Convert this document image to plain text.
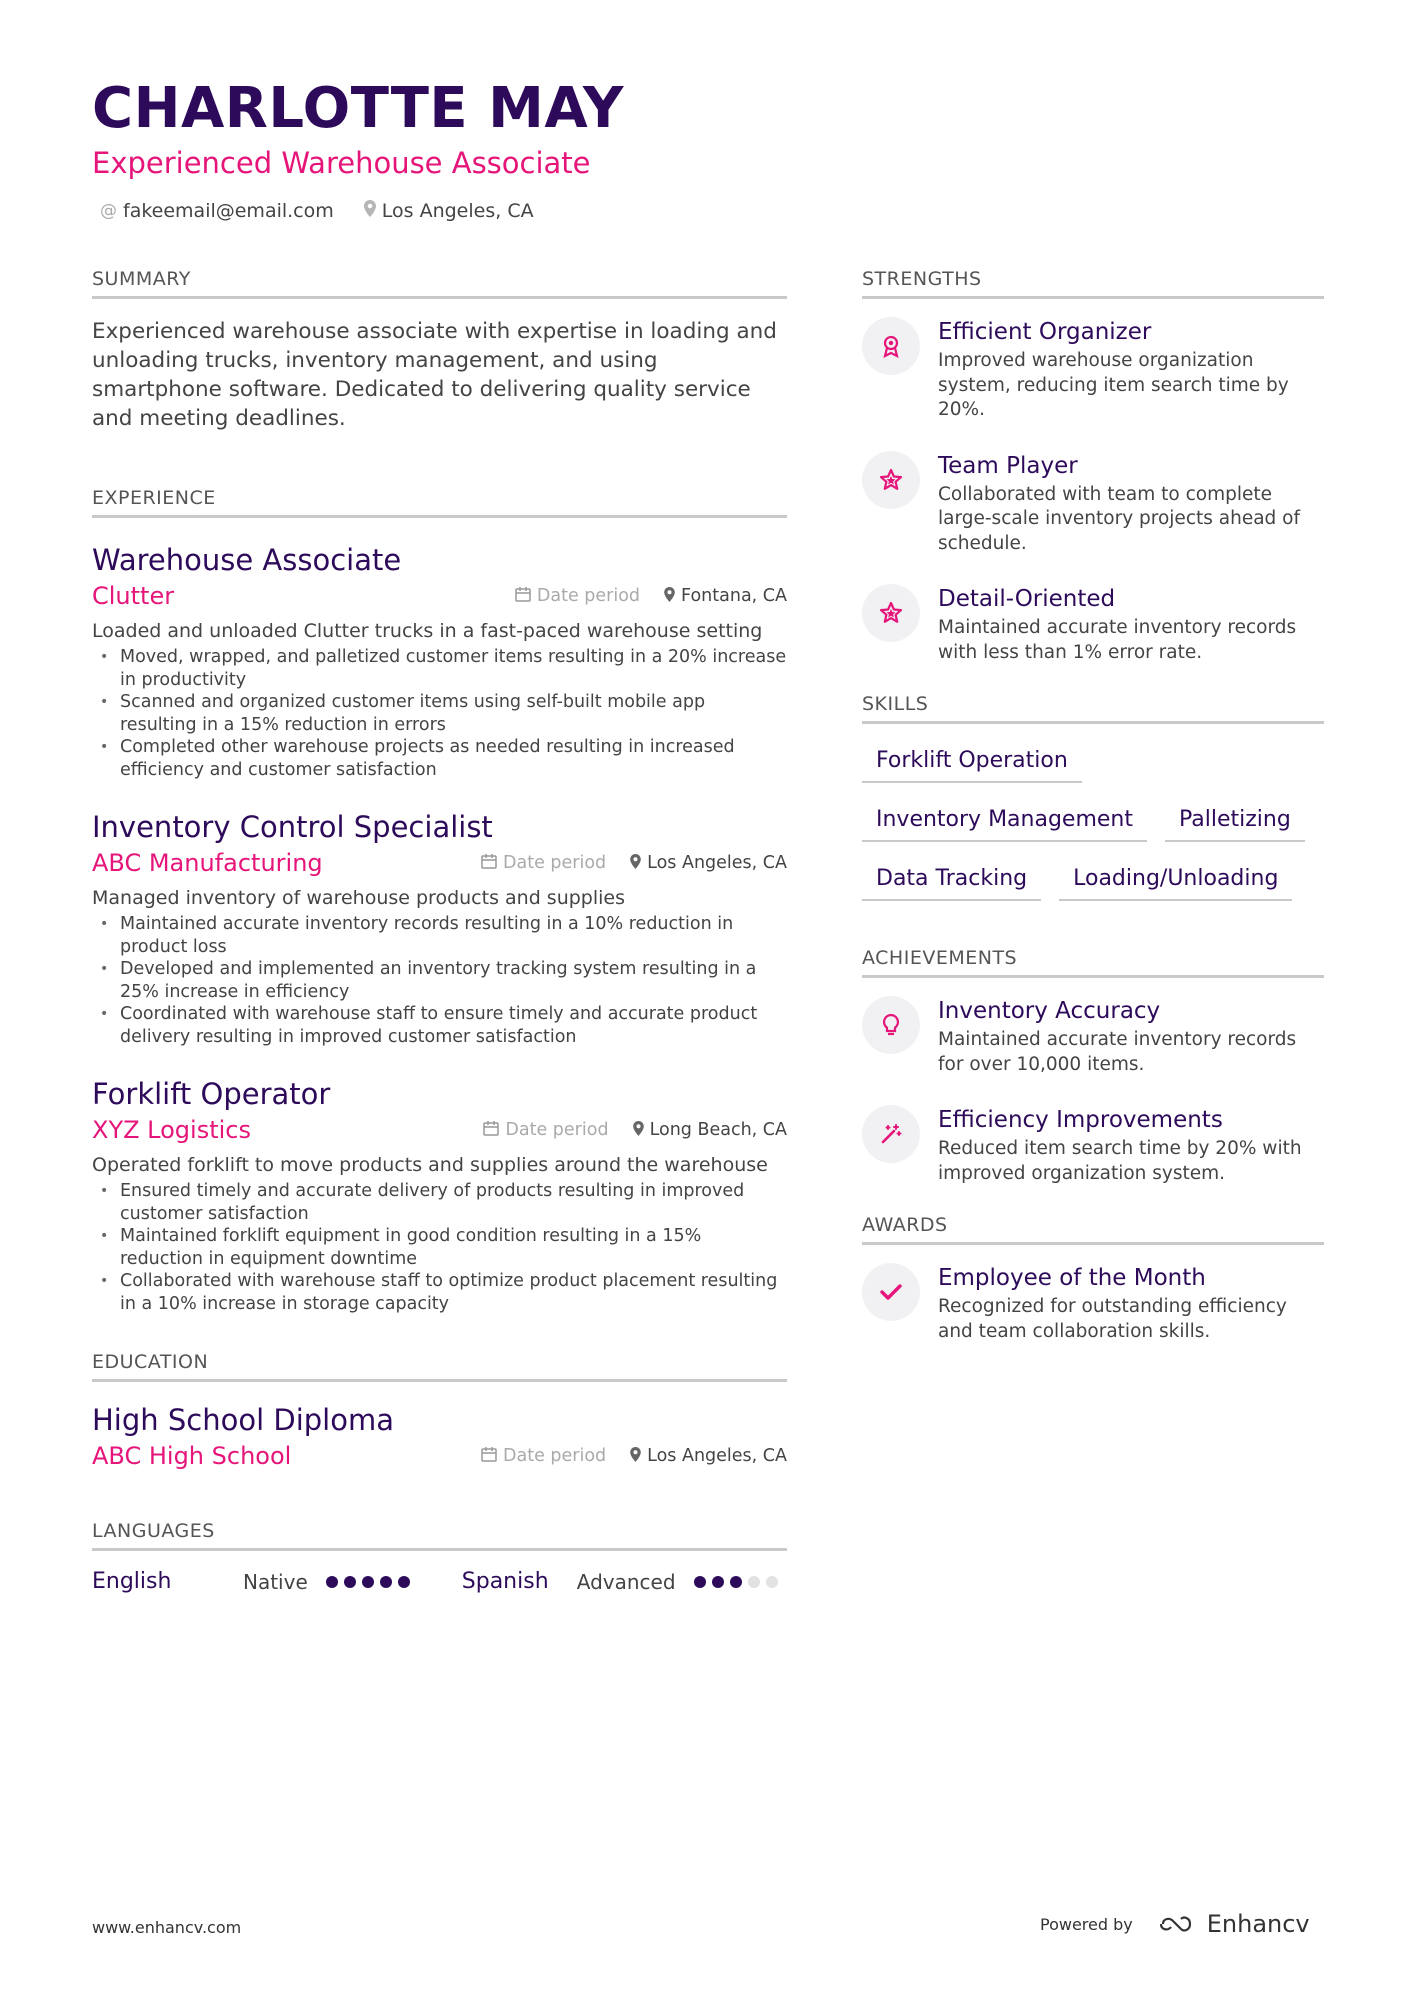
CHARLOTTE MAY
Experienced Warehouse Associate
@ fakeemail@email.com	Los Angeles, CA
SUMMARY
Experienced warehouse associate with expertise in loading and unloading trucks, inventory management, and using smartphone software. Dedicated to delivering quality service and meeting deadlines.
EXPERIENCE
Warehouse Associate
Clutter	Date period Fontana, CA
Loaded and unloaded Clutter trucks in a fast-paced warehouse setting
• Moved, wrapped, and palletized customer items resulting in a 20% increase in productivity
• Scanned and organized customer items using self-built mobile app resulting in a 15% reduction in errors
• Completed other warehouse projects as needed resulting in increased efficiency and customer satisfaction
Inventory Control Specialist
ABC Manufacturing	Date period Los Angeles, CA
Managed inventory of warehouse products and supplies
• Maintained accurate inventory records resulting in a 10% reduction in product loss
• Developed and implemented an inventory tracking system resulting in a 25% increase in efficiency
• Coordinated with warehouse staff to ensure timely and accurate product delivery resulting in improved customer satisfaction
Forklift Operator
XYZ Logistics	Date period Long Beach, CA
Operated forklift to move products and supplies around the warehouse
• Ensured timely and accurate delivery of products resulting in improved customer satisfaction
• Maintained forklift equipment in good condition resulting in a 15% reduction in equipment downtime
• Collaborated with warehouse staff to optimize product placement resulting in a 10% increase in storage capacity
EDUCATION
High School Diploma
ABC High School	Date period Los Angeles, CA
LANGUAGES
English	Native	Spanish	Advanced
STRENGTHS
Efficient Organizer
Improved warehouse organization system, reducing item search time by 20%.
Team Player
Collaborated with team to complete large-scale inventory projects ahead of schedule.
Detail-Oriented
Maintained accurate inventory records with less than 1% error rate.
SKILLS
Forklift Operation
Inventory Management	Palletizing
Data Tracking	Loading/Unloading
ACHIEVEMENTS
Inventory Accuracy
Maintained accurate inventory records for over 10,000 items.
Efficiency Improvements
Reduced item search time by 20% with improved organization system.
AWARDS
Employee of the Month
Recognized for outstanding efficiency and team collaboration skills.
www.enhancv.com	Powered by	Enhancv
